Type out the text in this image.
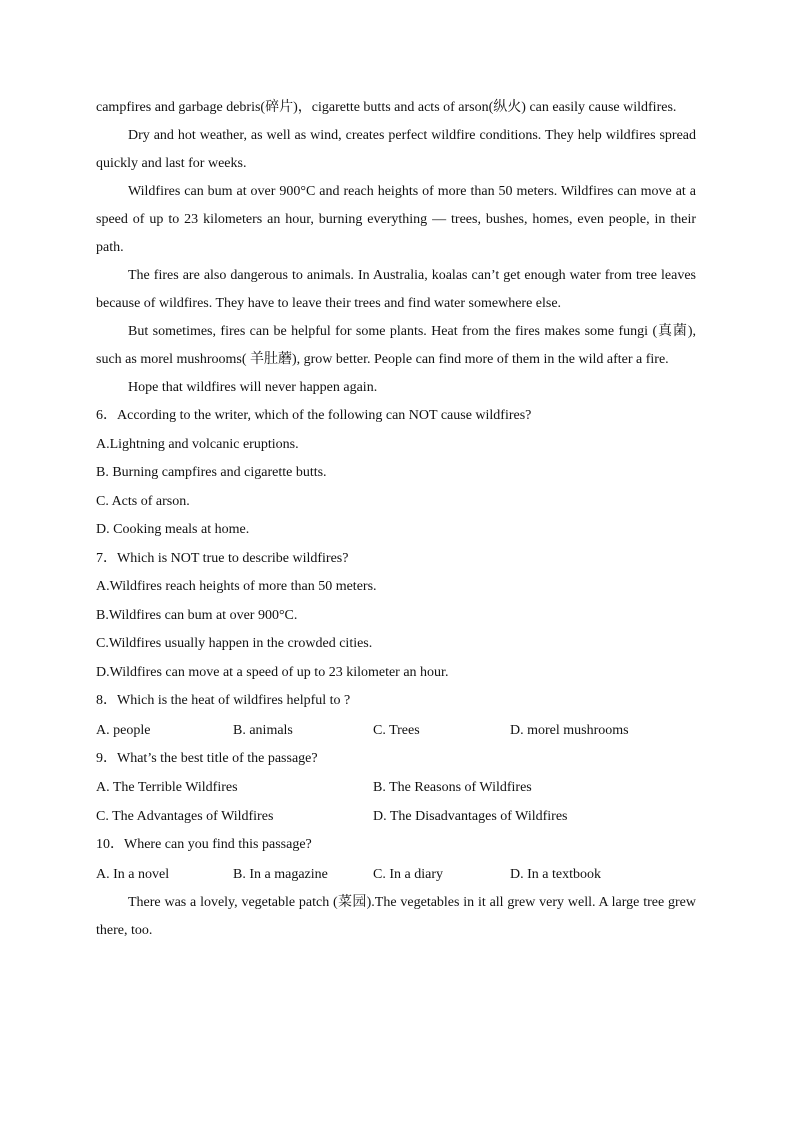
campfires and garbage debris(碎片)，cigarette butts and acts of arson(纵火) can easily cause wildfires.

Dry and hot weather, as well as wind, creates perfect wildfire conditions. They help wildfires spread quickly and last for weeks.

Wildfires can bum at over 900°C and reach heights of more than 50 meters. Wildfires can move at a speed of up to 23 kilometers an hour, burning everything — trees, bushes, homes, even people, in their path.

The fires are also dangerous to animals. In Australia, koalas can’t get enough water from tree leaves because of wildfires. They have to leave their trees and find water somewhere else.

But sometimes, fires can be helpful for some plants. Heat from the fires makes some fungi (真菌), such as morel mushrooms( 羊肚蘑), grow better. People can find more of them in the wild after a fire.

Hope that wildfires will never happen again.

6．According to the writer, which of the following can NOT cause wildfires?

A.Lightning and volcanic eruptions.

B. Burning campfires and cigarette butts.

C. Acts of arson.

D. Cooking meals at home.

7．Which is NOT true to describe wildfires?

A.Wildfires reach heights of more than 50 meters.

B.Wildfires can bum at over 900°C.

C.Wildfires usually happen in the crowded cities.

D.Wildfires can move at a speed of up to 23 kilometer an hour.

8．Which is the heat of wildfires helpful to ?

A. people	B. animals	C. Trees	D. morel mushrooms

9．What’s the best title of the passage?

A. The Terrible Wildfires	B. The Reasons of Wildfires
C. The Advantages of Wildfires	D. The Disadvantages of Wildfires

10．Where can you find this passage?

A. In a novel	B. In a magazine	C. In a diary	D. In a textbook

There was a lovely, vegetable patch (菜园).The vegetables in it all grew very well. A large tree grew there, too.
